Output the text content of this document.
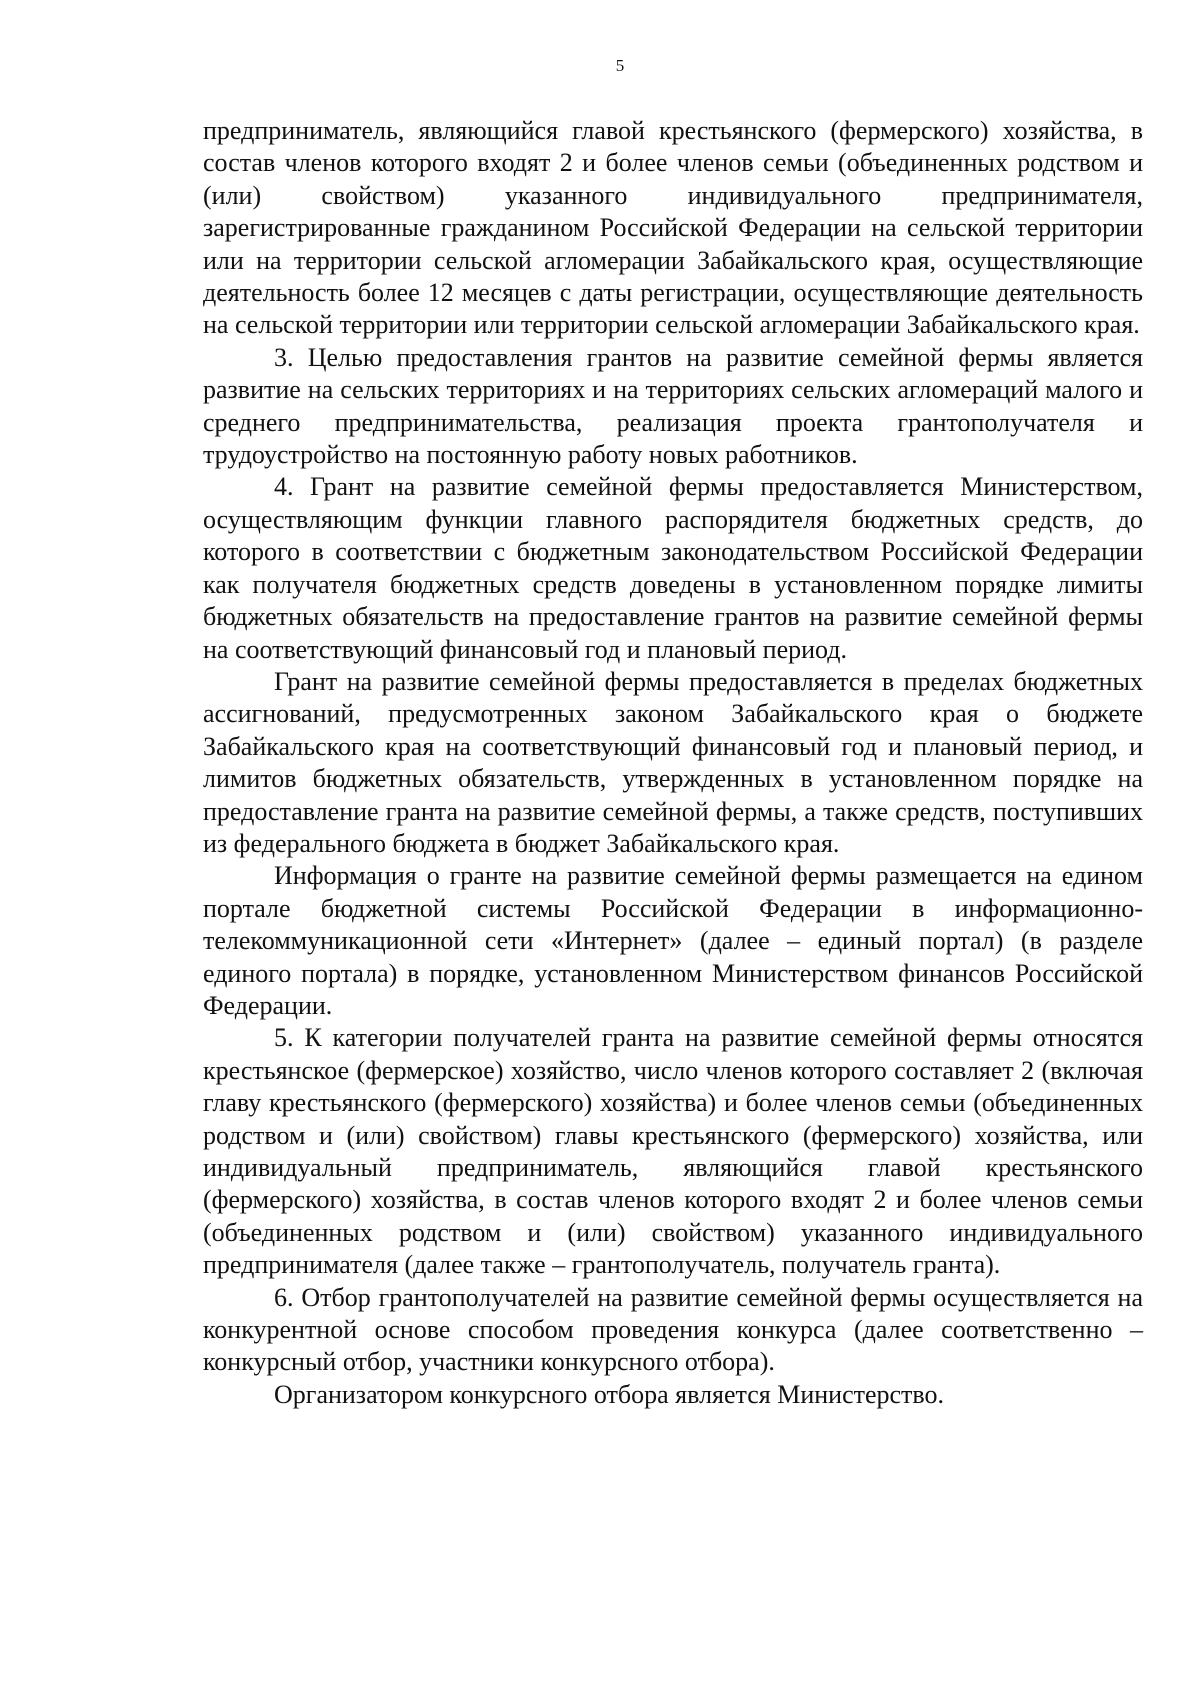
5

предприниматель, являющийся главой крестьянского (фермерского) хозяйства, в состав членов которого входят 2 и более членов семьи (объединенных родством и (или) свойством) указанного индивидуального предпринимателя, зарегистрированные гражданином Российской Федерации на сельской территории или на территории сельской агломерации Забайкальского края, осуществляющие деятельность более 12 месяцев с даты регистрации, осуществляющие деятельность на сельской территории или территории сельской агломерации Забайкальского края.

3. Целью предоставления грантов на развитие семейной фермы является развитие на сельских территориях и на территориях сельских агломераций малого и среднего предпринимательства, реализация проекта грантополучателя и трудоустройство на постоянную работу новых работников.

4. Грант на развитие семейной фермы предоставляется Министерством, осуществляющим функции главного распорядителя бюджетных средств, до которого в соответствии с бюджетным законодательством Российской Федерации как получателя бюджетных средств доведены в установленном порядке лимиты бюджетных обязательств на предоставление грантов на развитие семейной фермы на соответствующий финансовый год и плановый период.

Грант на развитие семейной фермы предоставляется в пределах бюджетных ассигнований, предусмотренных законом Забайкальского края о бюджете Забайкальского края на соответствующий финансовый год и плановый период, и лимитов бюджетных обязательств, утвержденных в установленном порядке на предоставление гранта на развитие семейной фермы, а также средств, поступивших из федерального бюджета в бюджет Забайкальского края.

Информация о гранте на развитие семейной фермы размещается на едином портале бюджетной системы Российской Федерации в информационно-телекоммуникационной сети «Интернет» (далее – единый портал) (в разделе единого портала) в порядке, установленном Министерством финансов Российской Федерации.

5. К категории получателей гранта на развитие семейной фермы относятся крестьянское (фермерское) хозяйство, число членов которого составляет 2 (включая главу крестьянского (фермерского) хозяйства) и более членов семьи (объединенных родством и (или) свойством) главы крестьянского (фермерского) хозяйства, или индивидуальный предприниматель, являющийся главой крестьянского (фермерского) хозяйства, в состав членов которого входят 2 и более членов семьи (объединенных родством и (или) свойством) указанного индивидуального предпринимателя (далее также – грантополучатель, получатель гранта).

6. Отбор грантополучателей на развитие семейной фермы осуществляется на конкурентной основе способом проведения конкурса (далее соответственно – конкурсный отбор, участники конкурсного отбора).

Организатором конкурсного отбора является Министерство.
